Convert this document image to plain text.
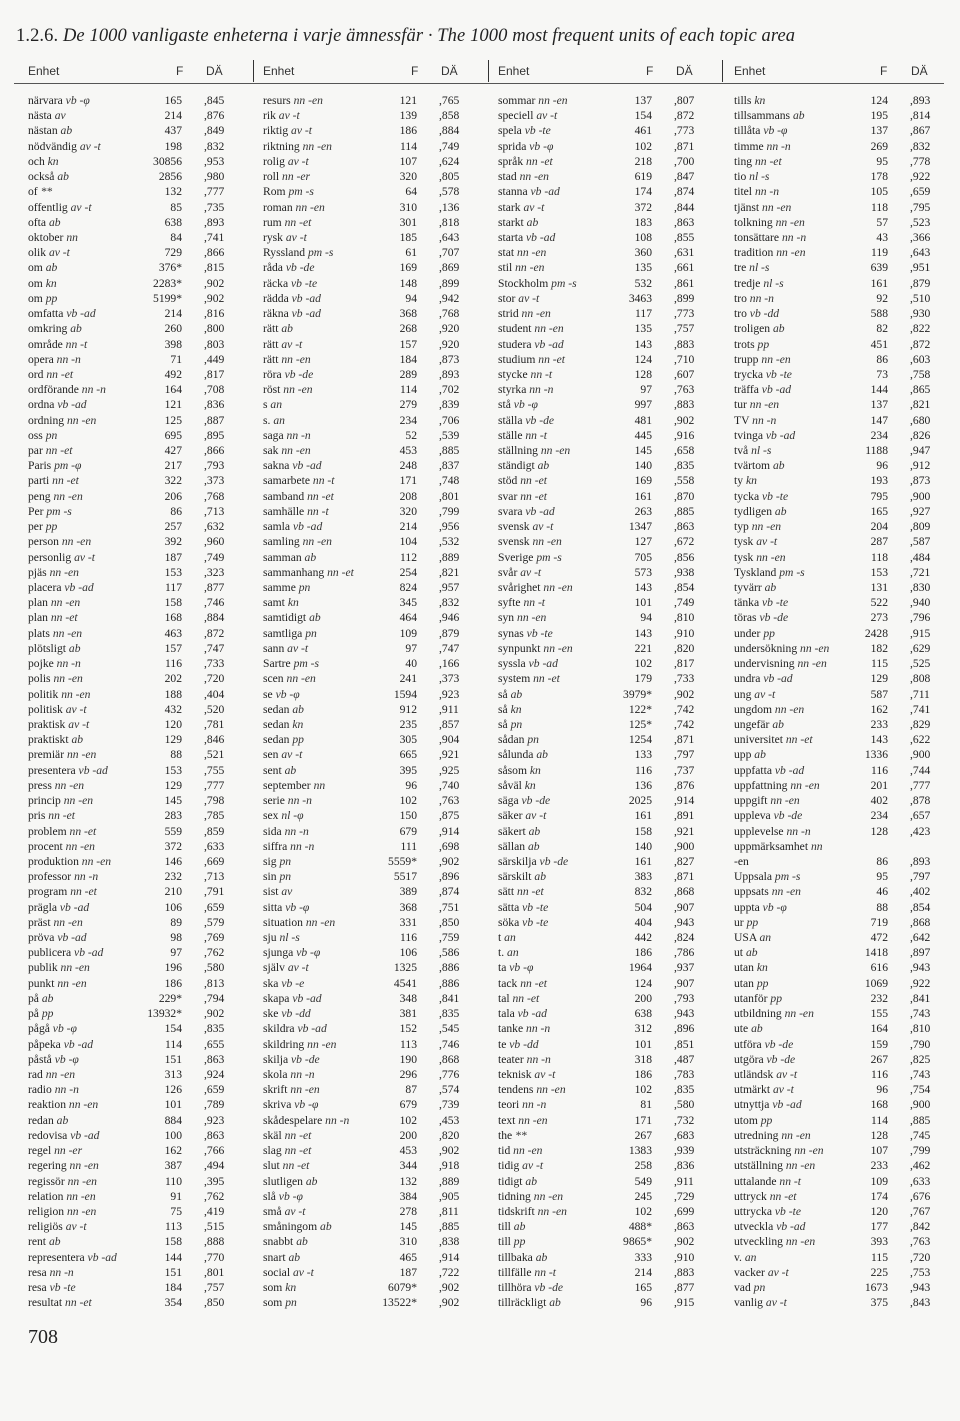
1.2.6. De 1000 vanligaste enheterna i varje ämnessfär · The 1000 most frequent units of each topic area
Enhet	F DÄ	Enhet	F DÄ	Enhet	F DÄ	Enhet	F DÄ
närvara vb -φ	165 ,845
nästa av	214 ,876
nästan ab	437 ,849
nödvändig av -t	198 ,832
och kn	30856 ,953
också ab	2856 ,980
of **	132 ,777
offentlig av -t	85 ,735
ofta ab	638 ,893
oktober nn	84 ,741
olik av -t	729 ,866
om ab	376* ,815
om kn	2283* ,902
om pp	5199* ,902
omfatta vb -ad	214 ,816
omkring ab	260 ,800
område nn -t	398 ,803
opera nn -n	71 ,449
ord nn -et	492 ,817
ordförande nn -n	164 ,708
ordna vb -ad	121 ,836
ordning nn -en	125 ,887
oss pn	695 ,895
par nn -et	427 ,866
Paris pm -φ	217 ,793
parti nn -et	322 ,373
peng nn -en	206 ,768
Per pm -s	86 ,713
per pp	257 ,632
person nn -en	392 ,960
personlig av -t	187 ,749
pjäs nn -en	153 ,323
placera vb -ad	117 ,877
plan nn -en	158 ,746
plan nn -et	168 ,884
plats nn -en	463 ,872
plötsligt ab	157 ,747
pojke nn -n	116 ,733
polis nn -en	202 ,720
politik nn -en	188 ,404
politisk av -t	432 ,520
praktisk av -t	120 ,781
praktiskt ab	129 ,846
premiär nn -en	88 ,521
presentera vb -ad	153 ,755
press nn -en	129 ,777
princip nn -en	145 ,798
pris nn -et	283 ,785
problem nn -et	559 ,859
procent nn -en	372 ,633
produktion nn -en	146 ,669
professor nn -n	232 ,713
program nn -et	210 ,791
prägla vb -ad	106 ,659
präst nn -en	89 ,579
pröva vb -ad	98 ,769
publicera vb -ad	97 ,762
publik nn -en	196 ,580
punkt nn -en	186 ,813
på ab	229* ,794
på pp	13932* ,902
pågå vb -φ	154 ,835
påpeka vb -ad	114 ,655
påstå vb -φ	151 ,863
rad nn -en	313 ,924
radio nn -n	126 ,659
reaktion nn -en	101 ,789
redan ab	884 ,923
redovisa vb -ad	100 ,863
regel nn -er	162 ,766
regering nn -en	387 ,494
regissör nn -en	110 ,395
relation nn -en	91 ,762
religion nn -en	75 ,419
religiös av -t	113 ,515
rent ab	158 ,888
representera vb -ad	144 ,770
resa nn -n	151 ,801
resa vb -te	184 ,757
resultat nn -et	354 ,850
resurs nn -en	121 ,765
rik av -t	139 ,858
riktig av -t	186 ,884
riktning nn -en	114 ,749
rolig av -t	107 ,624
roll nn -er	320 ,805
Rom pm -s	64 ,578
roman nn -en	310 ,136
rum nn -et	301 ,818
rysk av -t	185 ,643
Ryssland pm -s	61 ,707
råda vb -de	169 ,869
räcka vb -te	148 ,899
rädda vb -ad	94 ,942
räkna vb -ad	368 ,768
rätt ab	268 ,920
rätt av -t	157 ,920
rätt nn -en	184 ,873
röra vb -de	289 ,893
röst nn -en	114 ,702
s an	279 ,839
s. an	234 ,706
saga nn -n	52 ,539
sak nn -en	453 ,885
sakna vb -ad	248 ,837
samarbete nn -t	171 ,748
samband nn -et	208 ,801
samhälle nn -t	320 ,799
samla vb -ad	214 ,956
samling nn -en	104 ,532
samman ab	112 ,889
sammanhang nn -et	254 ,821
samme pn	824 ,957
samt kn	345 ,832
samtidigt ab	464 ,946
samtliga pn	109 ,879
sann av -t	97 ,747
Sartre pm -s	40 ,166
scen nn -en	241 ,373
se vb -φ	1594 ,923
sedan ab	912 ,911
sedan kn	235 ,857
sedan pp	305 ,904
sen av -t	665 ,921
sent ab	395 ,925
september nn	96 ,740
serie nn -n	102 ,763
sex nl -φ	150 ,875
sida nn -n	679 ,914
siffra nn -n	111 ,698
sig pn	5559* ,902
sin pn	5517 ,896
sist av	389 ,874
sitta vb -φ	368 ,751
situation nn -en	331 ,850
sju nl -s	116 ,759
sjunga vb -φ	106 ,586
själv av -t	1325 ,886
ska vb -e	4541 ,886
skapa vb -ad	348 ,841
ske vb -dd	381 ,835
skildra vb -ad	152 ,545
skildring nn -en	113 ,746
skilja vb -de	190 ,868
skola nn -n	296 ,776
skrift nn -en	87 ,574
skriva vb -φ	679 ,739
skådespelare nn -n	102 ,453
skäl nn -et	200 ,820
slag nn -et	453 ,902
slut nn -et	344 ,918
slutligen ab	132 ,889
slå vb -φ	384 ,905
små av -t	278 ,811
småningom ab	145 ,885
snabbt ab	310 ,838
snart ab	465 ,914
social av -t	187 ,722
som kn	6079* ,902
som pn	13522* ,902
sommar nn -en	137 ,807
speciell av -t	154 ,872
spela vb -te	461 ,773
sprida vb -φ	102 ,871
språk nn -et	218 ,700
stad nn -en	619 ,847
stanna vb -ad	174 ,874
stark av -t	372 ,844
starkt ab	183 ,863
starta vb -ad	108 ,855
stat nn -en	360 ,631
stil nn -en	135 ,661
Stockholm pm -s	532 ,861
stor av -t	3463 ,899
strid nn -en	117 ,773
student nn -en	135 ,757
studera vb -ad	143 ,883
studium nn -et	124 ,710
stycke nn -t	128 ,607
styrka nn -n	97 ,763
stå vb -φ	997 ,883
ställa vb -de	481 ,902
ställe nn -t	445 ,916
ställning nn -en	145 ,658
ständigt ab	140 ,835
stöd nn -et	169 ,558
svar nn -et	161 ,870
svara vb -ad	263 ,885
svensk av -t	1347 ,863
svensk nn -en	127 ,672
Sverige pm -s	705 ,856
svår av -t	573 ,938
svårighet nn -en	143 ,854
syfte nn -t	101 ,749
syn nn -en	94 ,810
synas vb -te	143 ,910
synpunkt nn -en	221 ,820
syssla vb -ad	102 ,817
system nn -et	179 ,733
så ab	3979* ,902
så kn	122* ,742
så pn	125* ,742
sådan pn	1254 ,871
sålunda ab	133 ,797
såsom kn	116 ,737
såväl kn	136 ,876
säga vb -de	2025 ,914
säker av -t	161 ,891
säkert ab	158 ,921
sällan ab	140 ,900
särskilja vb -de	161 ,827
särskilt ab	383 ,871
sätt nn -et	832 ,868
sätta vb -te	504 ,907
söka vb -te	404 ,943
t an	442 ,824
t. an	186 ,786
ta vb -φ	1964 ,937
tack nn -et	124 ,907
tal nn -et	200 ,793
tala vb -ad	638 ,943
tanke nn -n	312 ,896
te vb -dd	101 ,851
teater nn -n	318 ,487
teknisk av -t	186 ,783
tendens nn -en	102 ,835
teori nn -n	81 ,580
text nn -en	171 ,732
the **	267 ,683
tid nn -en	1383 ,939
tidig av -t	258 ,836
tidigt ab	549 ,911
tidning nn -en	245 ,729
tidskrift nn -en	102 ,699
till ab	488* ,863
till pp	9865* ,902
tillbaka ab	333 ,910
tillfälle nn -t	214 ,883
tillhöra vb -de	165 ,877
tillräckligt ab	96 ,915
tills kn	124 ,893
tillsammans ab	195 ,814
tillåta vb -φ	137 ,867
timme nn -n	269 ,832
ting nn -et	95 ,778
tio nl -s	178 ,922
titel nn -n	105 ,659
tjänst nn -en	118 ,795
tolkning nn -en	57 ,523
tonsättare nn -n	43 ,366
tradition nn -en	119 ,643
tre nl -s	639 ,951
tredje nl -s	161 ,879
tro nn -n	92 ,510
tro vb -dd	588 ,930
troligen ab	82 ,822
trots pp	451 ,872
trupp nn -en	86 ,603
trycka vb -te	73 ,758
träffa vb -ad	144 ,865
tur nn -en	137 ,821
TV nn -n	147 ,680
tvinga vb -ad	234 ,826
två nl -s	1188 ,947
tvärtom ab	96 ,912
ty kn	193 ,873
tycka vb -te	795 ,900
tydligen ab	165 ,927
typ nn -en	204 ,809
tysk av -t	287 ,587
tysk nn -en	118 ,484
Tyskland pm -s	153 ,721
tyvärr ab	131 ,830
tänka vb -te	522 ,940
töras vb -de	273 ,796
under pp	2428 ,915
undersökning nn -en	182 ,629
undervisning nn -en	115 ,525
undra vb -ad	129 ,808
ung av -t	587 ,711
ungdom nn -en	162 ,741
ungefär ab	233 ,829
universitet nn -et	143 ,622
upp ab	1336 ,900
uppfatta vb -ad	116 ,744
uppfattning nn -en	201 ,777
uppgift nn -en	402 ,878
uppleva vb -de	234 ,657
upplevelse nn -n	128 ,423
uppmärksamhet nn
-en	86 ,893
Uppsala pm -s	95 ,797
uppsats nn -en	46 ,402
uppta vb -φ	88 ,854
ur pp	719 ,868
USA an	472 ,642
ut ab	1418 ,897
utan kn	616 ,943
utan pp	1069 ,922
utanför pp	232 ,841
utbildning nn -en	155 ,743
ute ab	164 ,810
utföra vb -de	159 ,790
utgöra vb -de	267 ,825
utländsk av -t	116 ,743
utmärkt av -t	96 ,754
utnyttja vb -ad	168 ,900
utom pp	114 ,885
utredning nn -en	128 ,745
utsträckning nn -en	107 ,799
utställning nn -en	233 ,462
uttalande nn -t	109 ,633
uttryck nn -et	174 ,676
uttrycka vb -te	120 ,767
utveckla vb -ad	177 ,842
utveckling nn -en	393 ,763
v. an	115 ,720
vacker av -t	225 ,753
vad pn	1673 ,943
vanlig av -t	375 ,843
708
